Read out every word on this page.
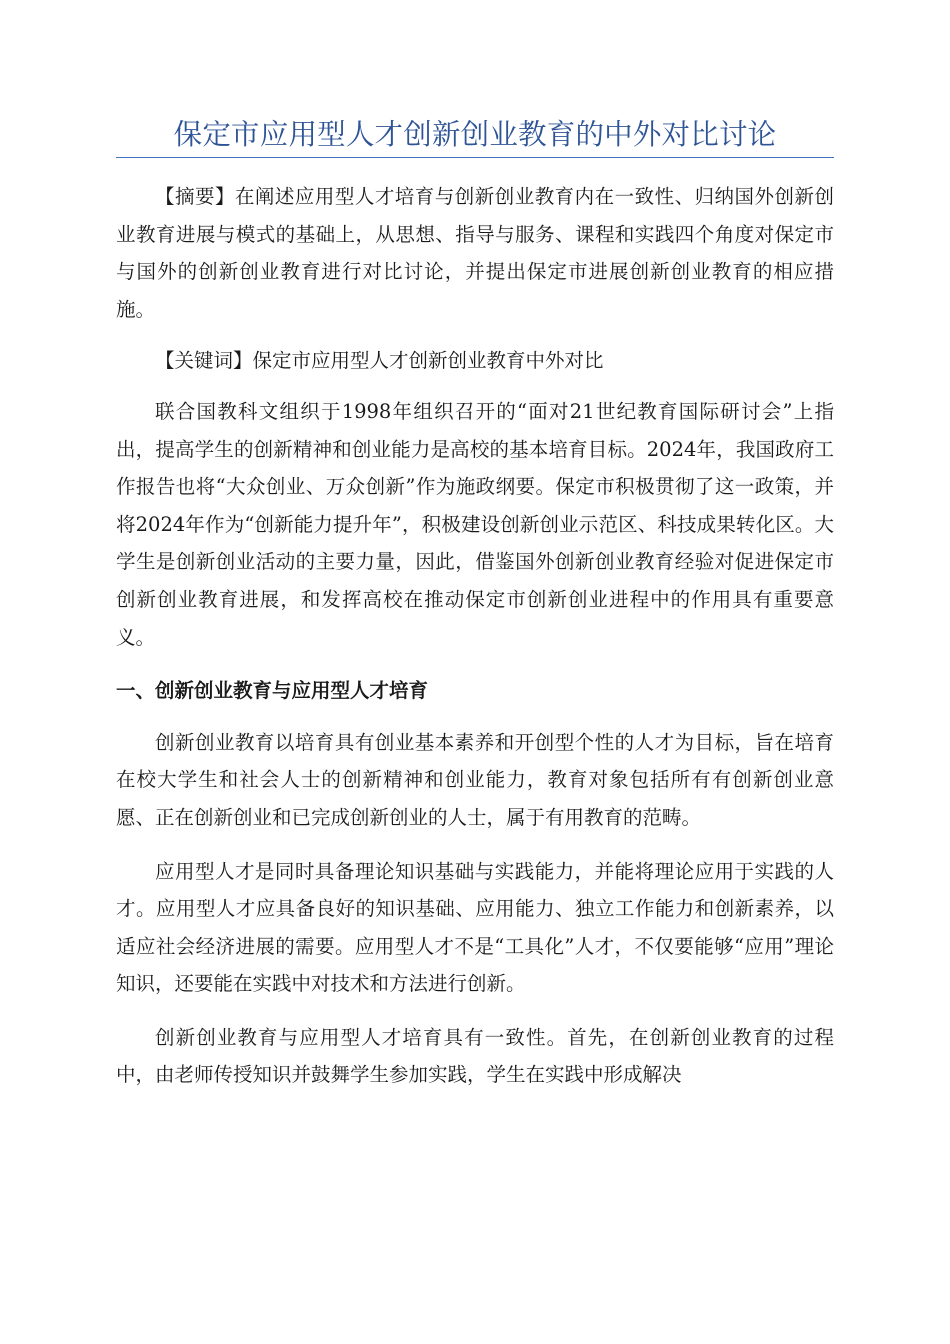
保定市应用型人才创新创业教育的中外对比讨论

【摘要】在阐述应用型人才培育与创新创业教育内在一致性、归纳国外创新创业教育进展与模式的基础上，从思想、指导与服务、课程和实践四个角度对保定市与国外的创新创业教育进行对比讨论，并提出保定市进展创新创业教育的相应措施。

【关键词】保定市应用型人才创新创业教育中外对比

联合国教科文组织于1998年组织召开的“面对21世纪教育国际研讨会”上指出，提高学生的创新精神和创业能力是高校的基本培育目标。2024年，我国政府工作报告也将“大众创业、万众创新”作为施政纲要。保定市积极贯彻了这一政策，并将2024年作为“创新能力提升年”，积极建设创新创业示范区、科技成果转化区。大学生是创新创业活动的主要力量，因此，借鉴国外创新创业教育经验对促进保定市创新创业教育进展，和发挥高校在推动保定市创新创业进程中的作用具有重要意义。

一、创新创业教育与应用型人才培育

创新创业教育以培育具有创业基本素养和开创型个性的人才为目标，旨在培育在校大学生和社会人士的创新精神和创业能力，教育对象包括所有有创新创业意愿、正在创新创业和已完成创新创业的人士，属于有用教育的范畴。

应用型人才是同时具备理论知识基础与实践能力，并能将理论应用于实践的人才。应用型人才应具备良好的知识基础、应用能力、独立工作能力和创新素养，以适应社会经济进展的需要。应用型人才不是“工具化”人才，不仅要能够“应用”理论知识，还要能在实践中对技术和方法进行创新。

创新创业教育与应用型人才培育具有一致性。首先，在创新创业教育的过程中，由老师传授知识并鼓舞学生参加实践，学生在实践中形成解决
